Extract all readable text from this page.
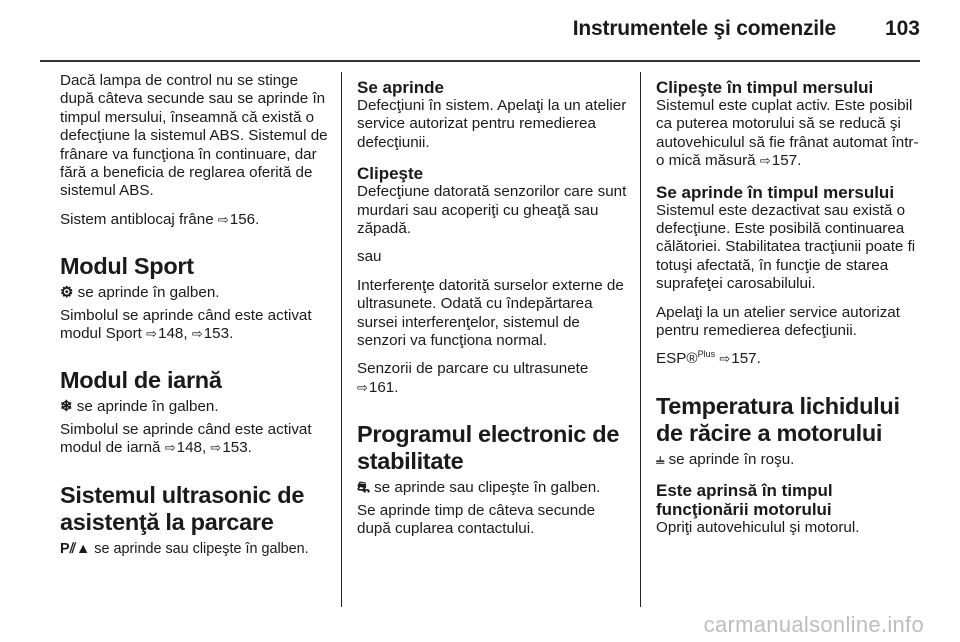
Instrumentele şi comenzile 103

Dacă lampa de control nu se stinge după câteva secunde sau se aprinde în timpul mersului, înseamnă că există o defecţiune la sistemul ABS. Sistemul de frânare va funcţiona în continuare, dar fără a beneficia de reglarea oferită de sistemul ABS.

Sistem antiblocaj frâne ⇨156.

Modul Sport

⚙ se aprinde în galben.

Simbolul se aprinde când este activat modul Sport ⇨148, ⇨153.

Modul de iarnă

❄ se aprinde în galben.

Simbolul se aprinde când este activat modul de iarnă ⇨148, ⇨153.

Sistemul ultrasonic de asistenţă la parcare

P⫽▲ se aprinde sau clipeşte în galben.

Se aprinde

Defecţiuni în sistem. Apelaţi la un atelier service autorizat pentru remedierea defecţiunii.

Clipeşte

Defecţiune datorată senzorilor care sunt murdari sau acoperiţi cu gheaţă sau zăpadă.

sau

Interferenţe datorită surselor externe de ultrasunete. Odată cu îndepărtarea sursei interferenţelor, sistemul de senzori va funcţiona normal.

Senzorii de parcare cu ultrasunete
⇨161.

Programul electronic de stabilitate

⛐ se aprinde sau clipeşte în galben.

Se aprinde timp de câteva secunde după cuplarea contactului.

Clipeşte în timpul mersului

Sistemul este cuplat activ. Este posibil ca puterea motorului să se reducă şi autovehiculul să fie frânat automat într-o mică măsură ⇨157.

Se aprinde în timpul mersului

Sistemul este dezactivat sau există o defecţiune. Este posibilă continuarea călătoriei. Stabilitatea tracţiunii poate fi totuşi afectată, în funcţie de starea suprafeţei carosabilului.

Apelaţi la un atelier service autorizat pentru remedierea defecţiunii.

ESP®$^{Plus}$ ⇨157.

Temperatura lichidului de răcire a motorului

⫨ se aprinde în roşu.

Este aprinsă în timpul funcţionării motorului

Opriţi autovehiculul şi motorul.

carmanualsonline.info
